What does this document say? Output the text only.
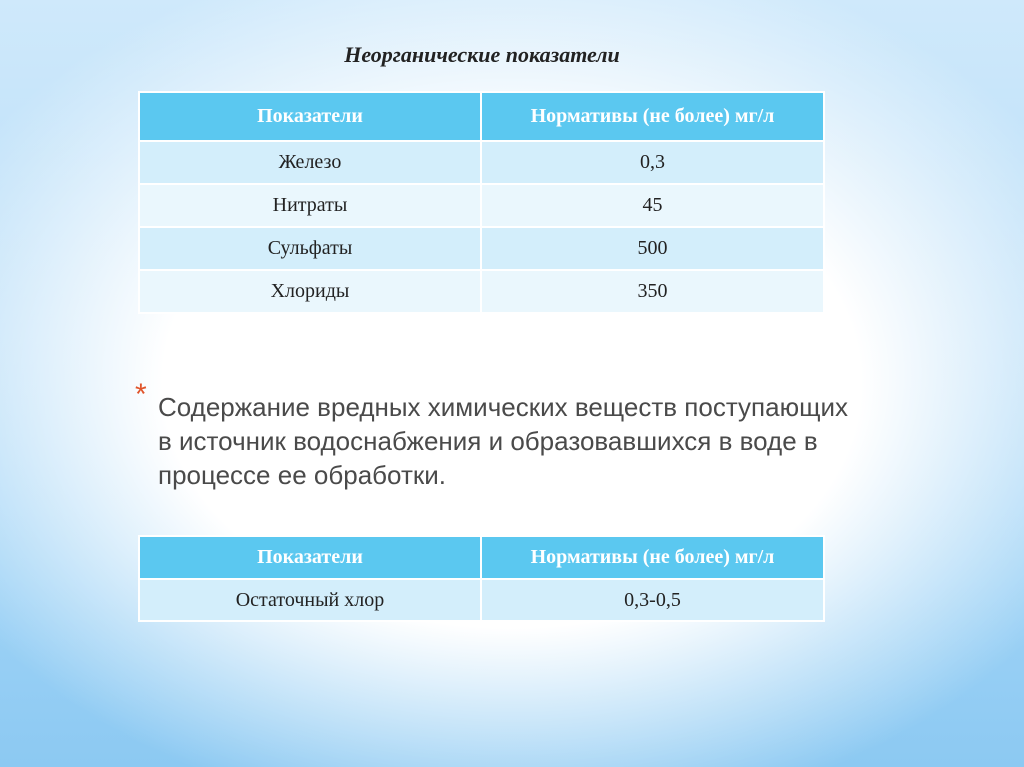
Неорганические показатели
Показатели	Нормативы (не более) мг/л
Железо	0,3
Нитраты	45
Сульфаты	500
Хлориды	350
* Содержание вредных химических веществ поступающих в источник водоснабжения и образовавшихся в воде в процессе ее обработки.
Показатели	Нормативы (не более) мг/л
Остаточный хлор	0,3-0,5
